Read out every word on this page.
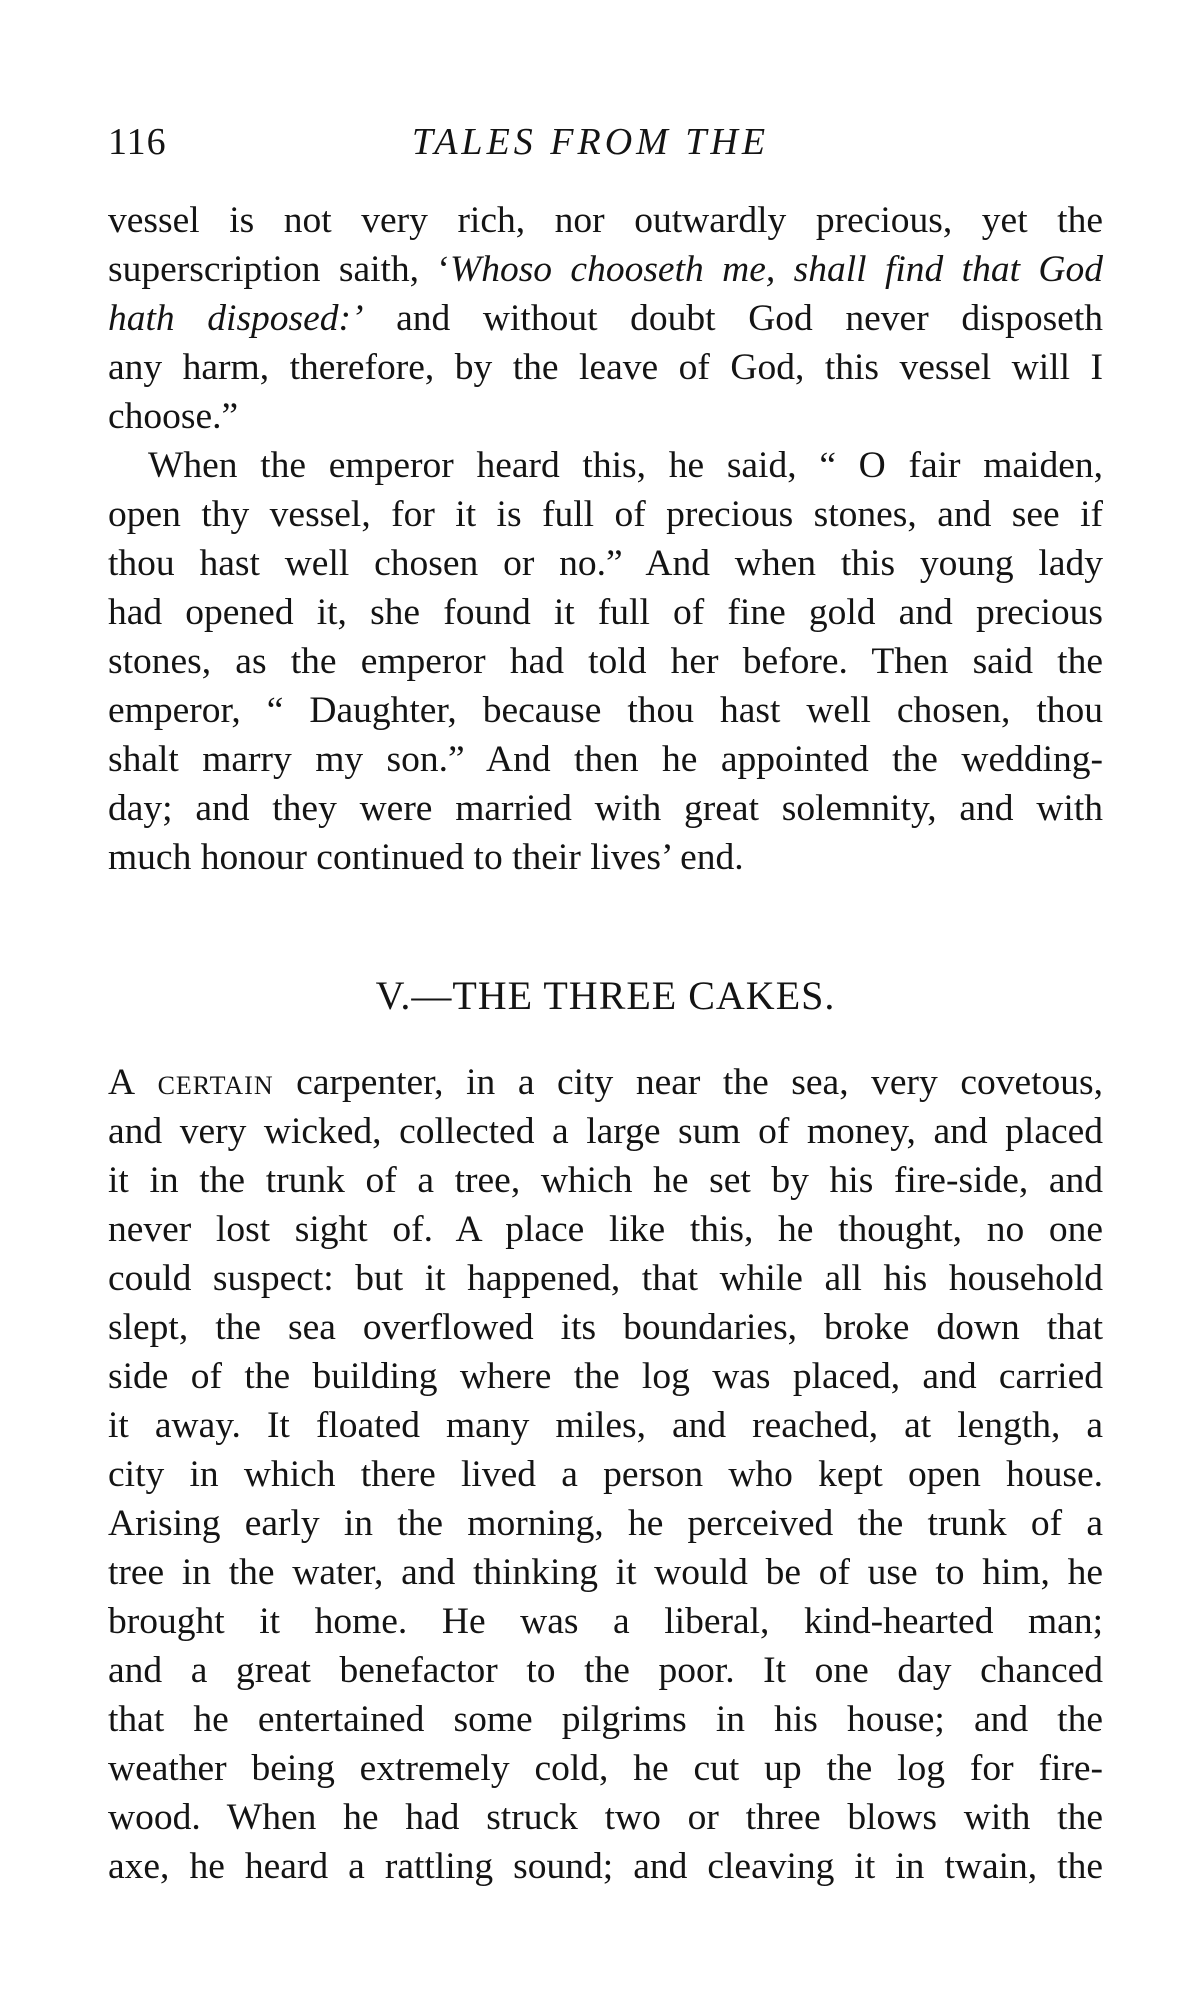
116	TALES FROM THE
vessel is not very rich, nor outwardly precious, yet the
superscription saith, ‘Whoso chooseth me, shall find that God
hath disposed:’ and without doubt God never disposeth
any harm, therefore, by the leave of God, this vessel will I
choose.”
When the emperor heard this, he said, “ O fair maiden,
open thy vessel, for it is full of precious stones, and see if
thou hast well chosen or no.” And when this young lady
had opened it, she found it full of fine gold and precious
stones, as the emperor had told her before. Then said the
emperor, “ Daughter, because thou hast well chosen, thou
shalt marry my son.” And then he appointed the wedding-
day; and they were married with great solemnity, and with
much honour continued to their lives’ end.
V.—THE THREE CAKES.
A certain carpenter, in a city near the sea, very covetous,
and very wicked, collected a large sum of money, and placed
it in the trunk of a tree, which he set by his fire-side, and
never lost sight of. A place like this, he thought, no one
could suspect: but it happened, that while all his household
slept, the sea overflowed its boundaries, broke down that
side of the building where the log was placed, and carried
it away. It floated many miles, and reached, at length, a
city in which there lived a person who kept open house.
Arising early in the morning, he perceived the trunk of a
tree in the water, and thinking it would be of use to him, he
brought it home. He was a liberal, kind-hearted man;
and a great benefactor to the poor. It one day chanced
that he entertained some pilgrims in his house; and the
weather being extremely cold, he cut up the log for fire-
wood. When he had struck two or three blows with the
axe, he heard a rattling sound; and cleaving it in twain, the
